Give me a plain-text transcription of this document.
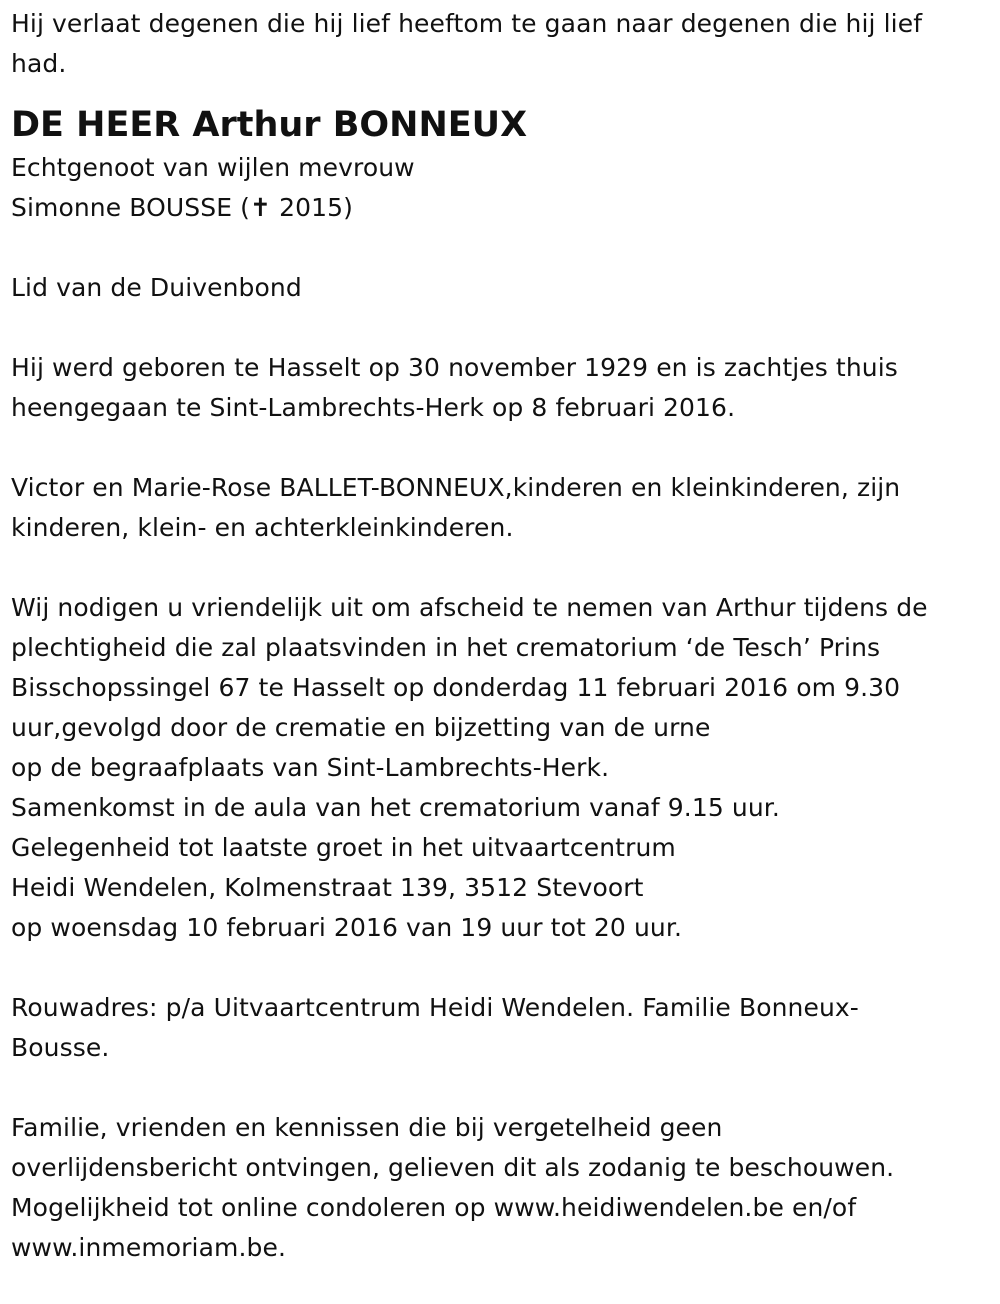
Hij verlaat degenen die hij lief heeftom te gaan naar degenen die hij lief
had.
DE HEER Arthur BONNEUX
Echtgenoot van wijlen mevrouw
Simonne BOUSSE (✝ 2015)
Lid van de Duivenbond
Hij werd geboren te Hasselt op 30 november 1929 en is zachtjes thuis
heengegaan te Sint-Lambrechts-Herk op 8 februari 2016.
Victor en Marie-Rose BALLET-BONNEUX,kinderen en kleinkinderen, zijn
kinderen, klein- en achterkleinkinderen.
Wij nodigen u vriendelijk uit om afscheid te nemen van Arthur tijdens de
plechtigheid die zal plaatsvinden in het crematorium ‘de Tesch’ Prins
Bisschopssingel 67 te Hasselt op donderdag 11 februari 2016 om 9.30
uur,gevolgd door de crematie en bijzetting van de urne
op de begraafplaats van Sint-Lambrechts-Herk.
Samenkomst in de aula van het crematorium vanaf 9.15 uur.
Gelegenheid tot laatste groet in het uitvaartcentrum
Heidi Wendelen, Kolmenstraat 139, 3512 Stevoort
op woensdag 10 februari 2016 van 19 uur tot 20 uur.
Rouwadres: p/a Uitvaartcentrum Heidi Wendelen. Familie Bonneux-
Bousse.
Familie, vrienden en kennissen die bij vergetelheid geen
overlijdensbericht ontvingen, gelieven dit als zodanig te beschouwen.
Mogelijkheid tot online condoleren op www.heidiwendelen.be en/of
www.inmemoriam.be.
